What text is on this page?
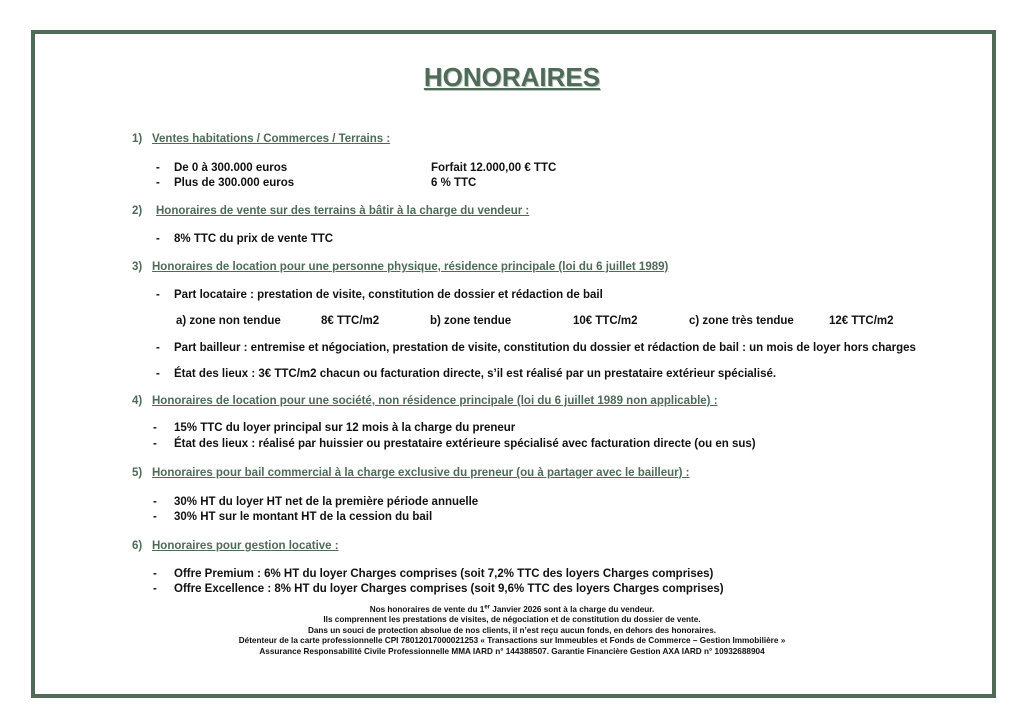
HONORAIRES
1) Ventes habitations / Commerces / Terrains :
- De 0 à 300.000 euros	Forfait 12.000,00 € TTC
- Plus de 300.000 euros	6 % TTC
2) Honoraires de vente sur des terrains à bâtir à la charge du vendeur :
- 8% TTC du prix de vente TTC
3) Honoraires de location pour une personne physique, résidence principale (loi du 6 juillet 1989)
- Part locataire : prestation de visite, constitution de dossier et rédaction de bail
a) zone non tendue	8€ TTC/m2	b) zone tendue	10€ TTC/m2	c) zone très tendue	12€ TTC/m2
- Part bailleur : entremise et négociation, prestation de visite, constitution du dossier et rédaction de bail : un mois de loyer hors charges
- État des lieux : 3€ TTC/m2 chacun ou facturation directe, s’il est réalisé par un prestataire extérieur spécialisé.
4) Honoraires de location pour une société, non résidence principale (loi du 6 juillet 1989 non applicable) :
- 15% TTC du loyer principal sur 12 mois à la charge du preneur
- État des lieux : réalisé par huissier ou prestataire extérieure spécialisé avec facturation directe (ou en sus)
5) Honoraires pour bail commercial à la charge exclusive du preneur (ou à partager avec le bailleur) :
- 30% HT du loyer HT net de la première période annuelle
- 30% HT sur le montant HT de la cession du bail
6) Honoraires pour gestion locative :
- Offre Premium : 6% HT du loyer Charges comprises (soit 7,2% TTC des loyers Charges comprises)
- Offre Excellence : 8% HT du loyer Charges comprises (soit 9,6% TTC des loyers Charges comprises)
Nos honoraires de vente du 1er Janvier 2026 sont à la charge du vendeur.
Ils comprennent les prestations de visites, de négociation et de constitution du dossier de vente.
Dans un souci de protection absolue de nos clients, il n’est reçu aucun fonds, en dehors des honoraires.
Détenteur de la carte professionnelle CPI 7801201700002125​3 « Transactions sur Immeubles et Fonds de Commerce – Gestion Immobilière »
Assurance Responsabilité Civile Professionnelle MMA IARD n° 144388507. Garantie Financière Gestion AXA IARD n° 10932688904
